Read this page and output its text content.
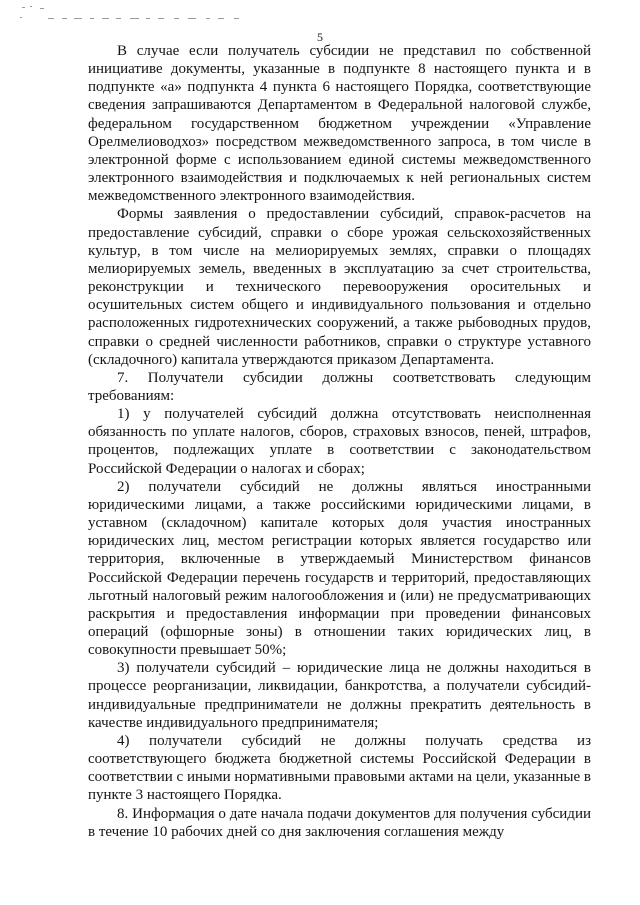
5

В случае если получатель субсидии не представил по собственной инициативе документы, указанные в подпункте 8 настоящего пункта и в подпункте «а» подпункта 4 пункта 6 настоящего Порядка, соответствующие сведения запрашиваются Департаментом в Федеральной налоговой службе, федеральном государственном бюджетном учреждении «Управление Орелмелиоводхоз» посредством межведомственного запроса, в том числе в электронной форме с использованием единой системы межведомственного электронного взаимодействия и подключаемых к ней региональных систем межведомственного электронного взаимодействия.

Формы заявления о предоставлении субсидий, справок-расчетов на предоставление субсидий, справки о сборе урожая сельскохозяйственных культур, в том числе на мелиорируемых землях, справки о площадях мелиорируемых земель, введенных в эксплуатацию за счет строительства, реконструкции и технического перевооружения оросительных и осушительных систем общего и индивидуального пользования и отдельно расположенных гидротехнических сооружений, а также рыбоводных прудов, справки о средней численности работников, справки о структуре уставного (складочного) капитала утверждаются приказом Департамента.

7. Получатели субсидии должны соответствовать следующим требованиям:

1) у получателей субсидий должна отсутствовать неисполненная обязанность по уплате налогов, сборов, страховых взносов, пеней, штрафов, процентов, подлежащих уплате в соответствии с законодательством Российской Федерации о налогах и сборах;

2) получатели субсидий не должны являться иностранными юридическими лицами, а также российскими юридическими лицами, в уставном (складочном) капитале которых доля участия иностранных юридических лиц, местом регистрации которых является государство или территория, включенные в утверждаемый Министерством финансов Российской Федерации перечень государств и территорий, предоставляющих льготный налоговый режим налогообложения и (или) не предусматривающих раскрытия и предоставления информации при проведении финансовых операций (офшорные зоны) в отношении таких юридических лиц, в совокупности превышает 50%;

3) получатели субсидий – юридические лица не должны находиться в процессе реорганизации, ликвидации, банкротства, а получатели субсидий-индивидуальные предприниматели не должны прекратить деятельность в качестве индивидуального предпринимателя;

4) получатели субсидий не должны получать средства из соответствующего бюджета бюджетной системы Российской Федерации в соответствии с иными нормативными правовыми актами на цели, указанные в пункте 3 настоящего Порядка.

8. Информация о дате начала подачи документов для получения субсидии в течение 10 рабочих дней со дня заключения соглашения между
